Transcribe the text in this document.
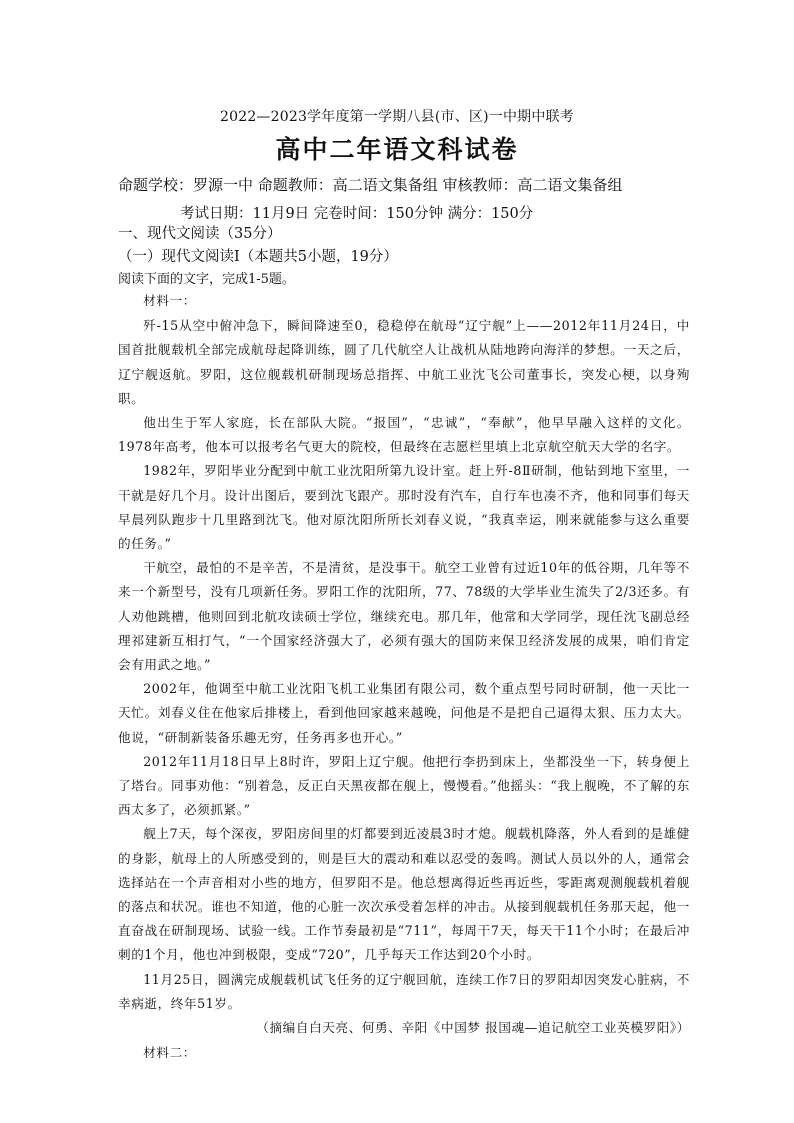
2022—2023学年度第一学期八县(市、区)一中期中联考
高中二年语文科试卷
命题学校：罗源一中 命题教师：高二语文集备组 审核教师：高二语文集备组
考试日期：11月9日 完卷时间：150分钟 满分：150分
一、现代文阅读（35分）
（一）现代文阅读Ⅰ（本题共5小题，19分）
阅读下面的文字，完成1-5题。

材料一：

歼-15从空中俯冲急下，瞬间降速至0，稳稳停在航母“辽宁舰”上——2012年11月24日，中国首批舰载机全部完成航母起降训练，圆了几代航空人让战机从陆地跨向海洋的梦想。一天之后，辽宁舰返航。罗阳，这位舰载机研制现场总指挥、中航工业沈飞公司董事长，突发心梗，以身殉职。

他出生于军人家庭，长在部队大院。“报国”，“忠诚”，“奉献”，他早早融入这样的文化。1978年高考，他本可以报考名气更大的院校，但最终在志愿栏里填上北京航空航天大学的名字。

1982年，罗阳毕业分配到中航工业沈阳所第九设计室。赶上歼-8Ⅱ研制，他钻到地下室里，一干就是好几个月。设计出图后，要到沈飞跟产。那时没有汽车，自行车也凑不齐，他和同事们每天早晨列队跑步十几里路到沈飞。他对原沈阳所所长刘春义说，“我真幸运，刚来就能参与这么重要的任务。”

干航空，最怕的不是辛苦，不是清贫，是没事干。航空工业曾有过近10年的低谷期，几年等不来一个新型号，没有几项新任务。罗阳工作的沈阳所，77、78级的大学毕业生流失了2/3还多。有人劝他跳槽，他则回到北航攻读硕士学位，继续充电。那几年，他常和大学同学，现任沈飞副总经理祁建新互相打气，“一个国家经济强大了，必须有强大的国防来保卫经济发展的成果，咱们肯定会有用武之地。”

2002年，他调至中航工业沈阳飞机工业集团有限公司，数个重点型号同时研制，他一天比一天忙。刘春义住在他家后排楼上，看到他回家越来越晚，问他是不是把自己逼得太狠、压力太大。他说，“研制新装备乐趣无穷，任务再多也开心。”

2012年11月18日早上8时许，罗阳上辽宁舰。他把行李扔到床上，坐都没坐一下，转身便上了塔台。同事劝他：“别着急，反正白天黑夜都在舰上，慢慢看。”他摇头：“我上舰晚，不了解的东西太多了，必须抓紧。”

舰上7天，每个深夜，罗阳房间里的灯都要到近凌晨3时才熄。舰载机降落，外人看到的是雄健的身影，航母上的人所感受到的，则是巨大的震动和难以忍受的轰鸣。测试人员以外的人，通常会选择站在一个声音相对小些的地方，但罗阳不是。他总想离得近些再近些，零距离观测舰载机着舰的落点和状况。谁也不知道，他的心脏一次次承受着怎样的冲击。从接到舰载机任务那天起，他一直奋战在研制现场、试验一线。工作节奏最初是“711”，每周干7天，每天干11个小时；在最后冲刺的1个月，他也冲到极限，变成“720”，几乎每天工作达到20个小时。

11月25日，圆满完成舰载机试飞任务的辽宁舰回航，连续工作7日的罗阳却因突发心脏病，不幸病逝，终年51岁。

（摘编自白天亮、何勇、辛阳《中国梦 报国魂—追记航空工业英模罗阳》）

材料二：
